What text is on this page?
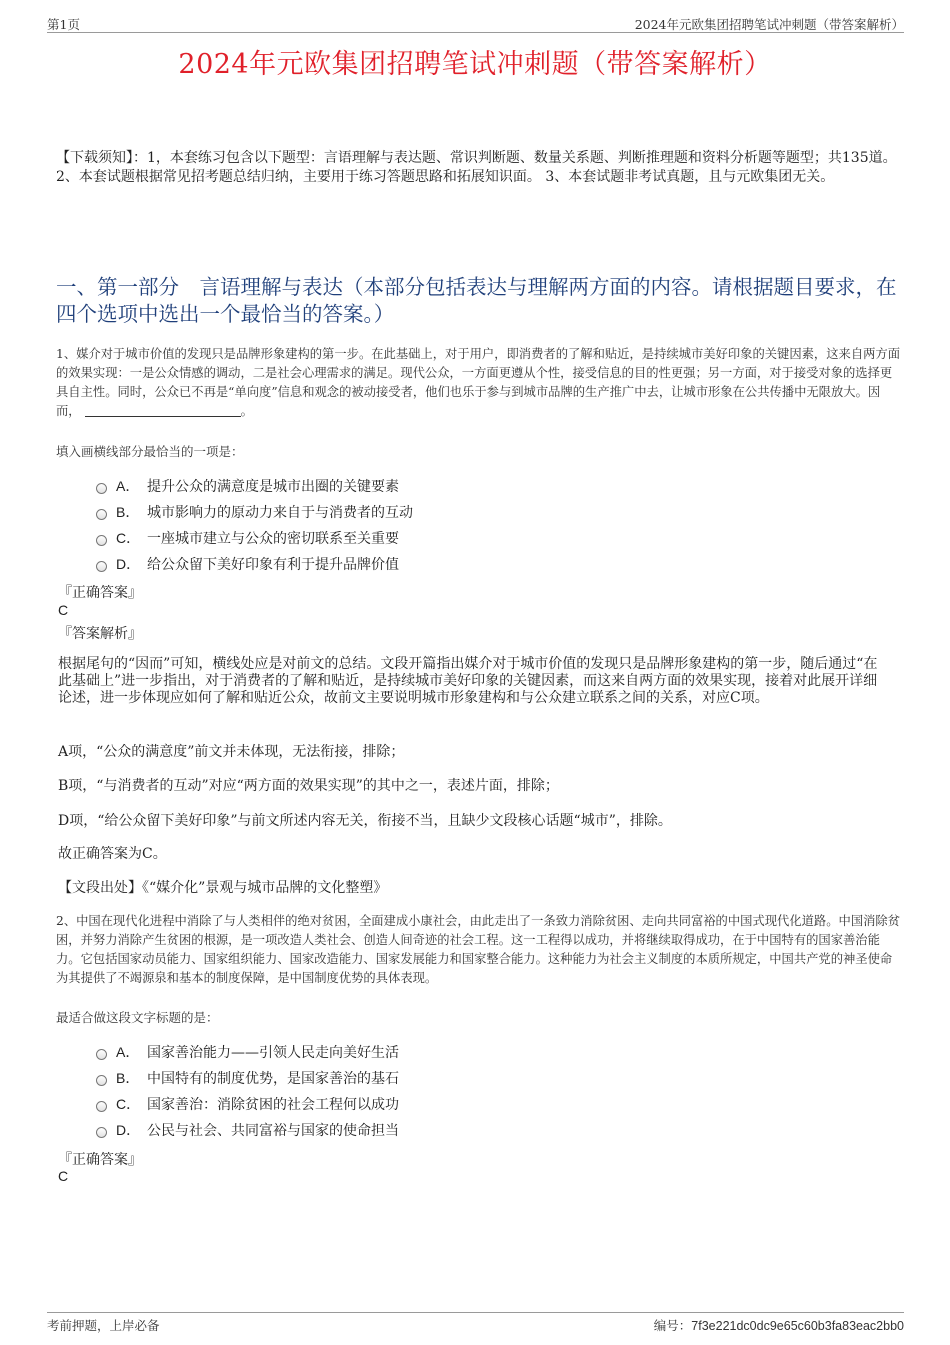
第1页	2024年元欧集团招聘笔试冲刺题（带答案解析）
2024年元欧集团招聘笔试冲刺题（带答案解析）
【下载须知】：1，本套练习包含以下题型：言语理解与表达题、常识判断题、数量关系题、判断推理题和资料分析题等题型；共135道。 2、本套试题根据常见招考题总结归纳，主要用于练习答题思路和拓展知识面。 3、本套试题非考试真题，且与元欧集团无关。
一、第一部分　言语理解与表达（本部分包括表达与理解两方面的内容。请根据题目要求，在四个选项中选出一个最恰当的答案。）
1、媒介对于城市价值的发现只是品牌形象建构的第一步。在此基础上，对于用户，即消费者的了解和贴近，是持续城市美好印象的关键因素，这来自两方面的效果实现：一是公众情感的调动，二是社会心理需求的满足。现代公众，一方面更遵从个性，接受信息的目的性更强；另一方面，对于接受对象的选择更具自主性。同时，公众已不再是“单向度”信息和观念的被动接受者，他们也乐于参与到城市品牌的生产推广中去，让城市形象在公共传播中无限放大。因而，	。
填入画横线部分最恰当的一项是：
A． 提升公众的满意度是城市出圈的关键要素
B． 城市影响力的原动力来自于与消费者的互动
C． 一座城市建立与公众的密切联系至关重要
D． 给公众留下美好印象有利于提升品牌价值
『正确答案』
C
『答案解析』
根据尾句的“因而”可知，横线处应是对前文的总结。文段开篇指出媒介对于城市价值的发现只是品牌形象建构的第一步，随后通过“在此基础上”进一步指出，对于消费者的了解和贴近，是持续城市美好印象的关键因素，而这来自两方面的效果实现，接着对此展开详细论述，进一步体现应如何了解和贴近公众，故前文主要说明城市形象建构和与公众建立联系之间的关系，对应C项。
A项，“公众的满意度”前文并未体现，无法衔接，排除；
B项，“与消费者的互动”对应“两方面的效果实现”的其中之一，表述片面，排除；
D项，“给公众留下美好印象”与前文所述内容无关，衔接不当，且缺少文段核心话题“城市”，排除。
故正确答案为C。
【文段出处】《“媒介化”景观与城市品牌的文化整塑》
2、中国在现代化进程中消除了与人类相伴的绝对贫困，全面建成小康社会，由此走出了一条致力消除贫困、走向共同富裕的中国式现代化道路。中国消除贫困，并努力消除产生贫困的根源，是一项改造人类社会、创造人间奇迹的社会工程。这一工程得以成功，并将继续取得成功，在于中国特有的国家善治能力。它包括国家动员能力、国家组织能力、国家改造能力、国家发展能力和国家整合能力。这种能力为社会主义制度的本质所规定，中国共产党的神圣使命为其提供了不竭源泉和基本的制度保障，是中国制度优势的具体表现。
最适合做这段文字标题的是：
A． 国家善治能力——引领人民走向美好生活
B． 中国特有的制度优势，是国家善治的基石
C． 国家善治：消除贫困的社会工程何以成功
D． 公民与社会、共同富裕与国家的使命担当
『正确答案』
C
考前押题，上岸必备	编号：7f3e221dc0dc9e65c60b3fa83eac2bb0
